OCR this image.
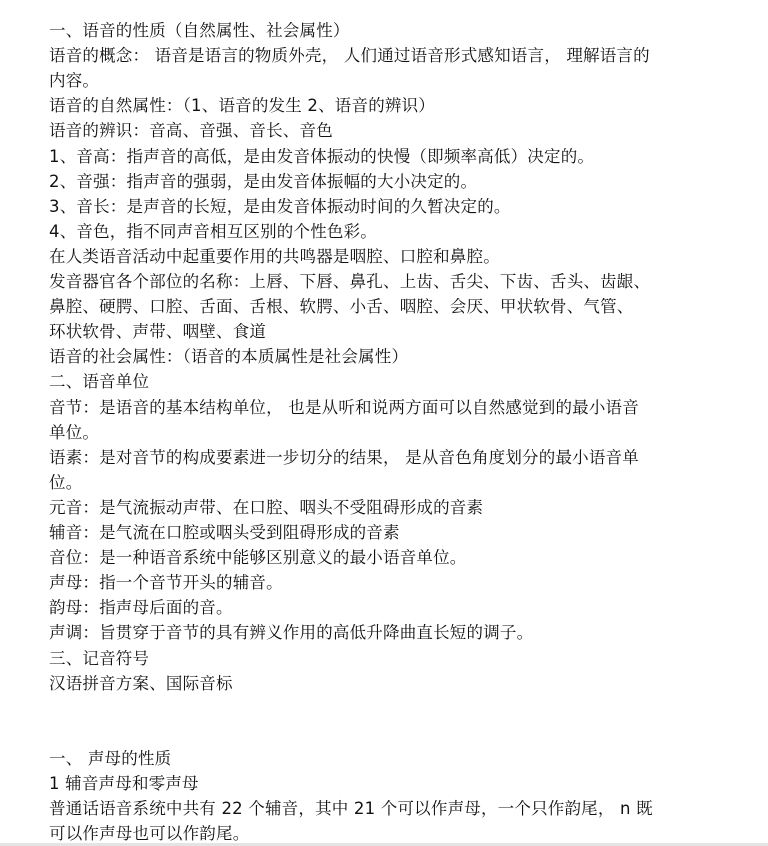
一、语音的性质（自然属性、社会属性）
语音的概念： 语音是语言的物质外壳， 人们通过语音形式感知语言， 理解语言的
内容。
语音的自然属性：（1、语音的发生 2、语音的辨识）
语音的辨识：音高、音强、音长、音色
1、音高：指声音的高低，是由发音体振动的快慢（即频率高低）决定的。
2、音强：指声音的强弱，是由发音体振幅的大小决定的。
3、音长：是声音的长短，是由发音体振动时间的久暂决定的。
4、音色，指不同声音相互区别的个性色彩。
在人类语音活动中起重要作用的共鸣器是咽腔、口腔和鼻腔。
发音器官各个部位的名称：上唇、下唇、鼻孔、上齿、舌尖、下齿、舌头、齿龈、
鼻腔、硬腭、口腔、舌面、舌根、软腭、小舌、咽腔、会厌、甲状软骨、气管、
环状软骨、声带、咽壁、食道
语音的社会属性：（语音的本质属性是社会属性）
二、语音单位
音节：是语音的基本结构单位， 也是从听和说两方面可以自然感觉到的最小语音
单位。
语素：是对音节的构成要素进一步切分的结果， 是从音色角度划分的最小语音单
位。
元音：是气流振动声带、在口腔、咽头不受阻碍形成的音素
辅音：是气流在口腔或咽头受到阻碍形成的音素
音位：是一种语音系统中能够区别意义的最小语音单位。
声母：指一个音节开头的辅音。
韵母：指声母后面的音。
声调：旨贯穿于音节的具有辨义作用的高低升降曲直长短的调子。
三、记音符号
汉语拼音方案、国际音标
一、 声母的性质
1 辅音声母和零声母
普通话语音系统中共有 22 个辅音，其中 21 个可以作声母，一个只作韵尾， n 既
可以作声母也可以作韵尾。
